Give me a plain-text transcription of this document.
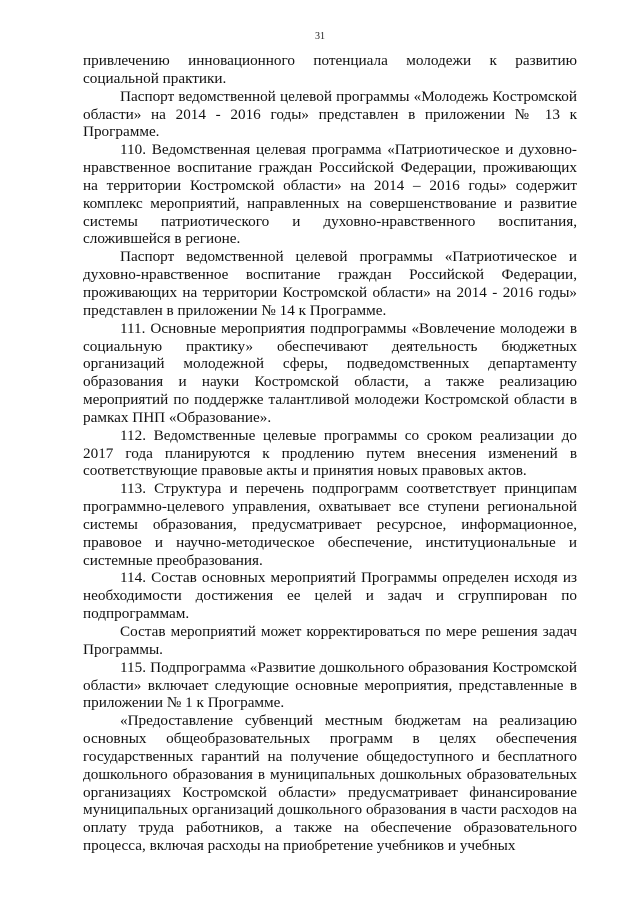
31

привлечению инновационного потенциала молодежи к развитию социальной практики.

Паспорт ведомственной целевой программы «Молодежь Костромской области» на 2014 - 2016 годы» представлен в приложении № 13 к Программе.

110. Ведомственная целевая программа «Патриотическое и духовно-нравственное воспитание граждан Российской Федерации, проживающих на территории Костромской области» на 2014 – 2016 годы» содержит комплекс мероприятий, направленных на совершенствование и развитие системы патриотического и духовно-нравственного воспитания, сложившейся в регионе.

Паспорт ведомственной целевой программы «Патриотическое и духовно-нравственное воспитание граждан Российской Федерации, проживающих на территории Костромской области» на 2014 - 2016 годы» представлен в приложении № 14 к Программе.

111. Основные мероприятия подпрограммы «Вовлечение молодежи в социальную практику» обеспечивают деятельность бюджетных организаций молодежной сферы, подведомственных департаменту образования и науки Костромской области, а также реализацию мероприятий по поддержке талантливой молодежи Костромской области в рамках ПНП «Образование».

112. Ведомственные целевые программы со сроком реализации до 2017 года планируются к продлению путем внесения изменений в соответствующие правовые акты и принятия новых правовых актов.

113. Структура и перечень подпрограмм соответствует принципам программно-целевого управления, охватывает все ступени региональной системы образования, предусматривает ресурсное, информационное, правовое и научно-методическое обеспечение, институциональные и системные преобразования.

114. Состав основных мероприятий Программы определен исходя из необходимости достижения ее целей и задач и сгруппирован по подпрограммам.

Состав мероприятий может корректироваться по мере решения задач Программы.

115. Подпрограмма «Развитие дошкольного образования Костромской области» включает следующие основные мероприятия, представленные в приложении № 1 к Программе.

«Предоставление субвенций местным бюджетам на реализацию основных общеобразовательных программ в целях обеспечения государственных гарантий на получение общедоступного и бесплатного дошкольного образования в муниципальных дошкольных образовательных организациях Костромской области» предусматривает финансирование муниципальных организаций дошкольного образования в части расходов на оплату труда работников, а также на обеспечение образовательного процесса, включая расходы на приобретение учебников и учебных
